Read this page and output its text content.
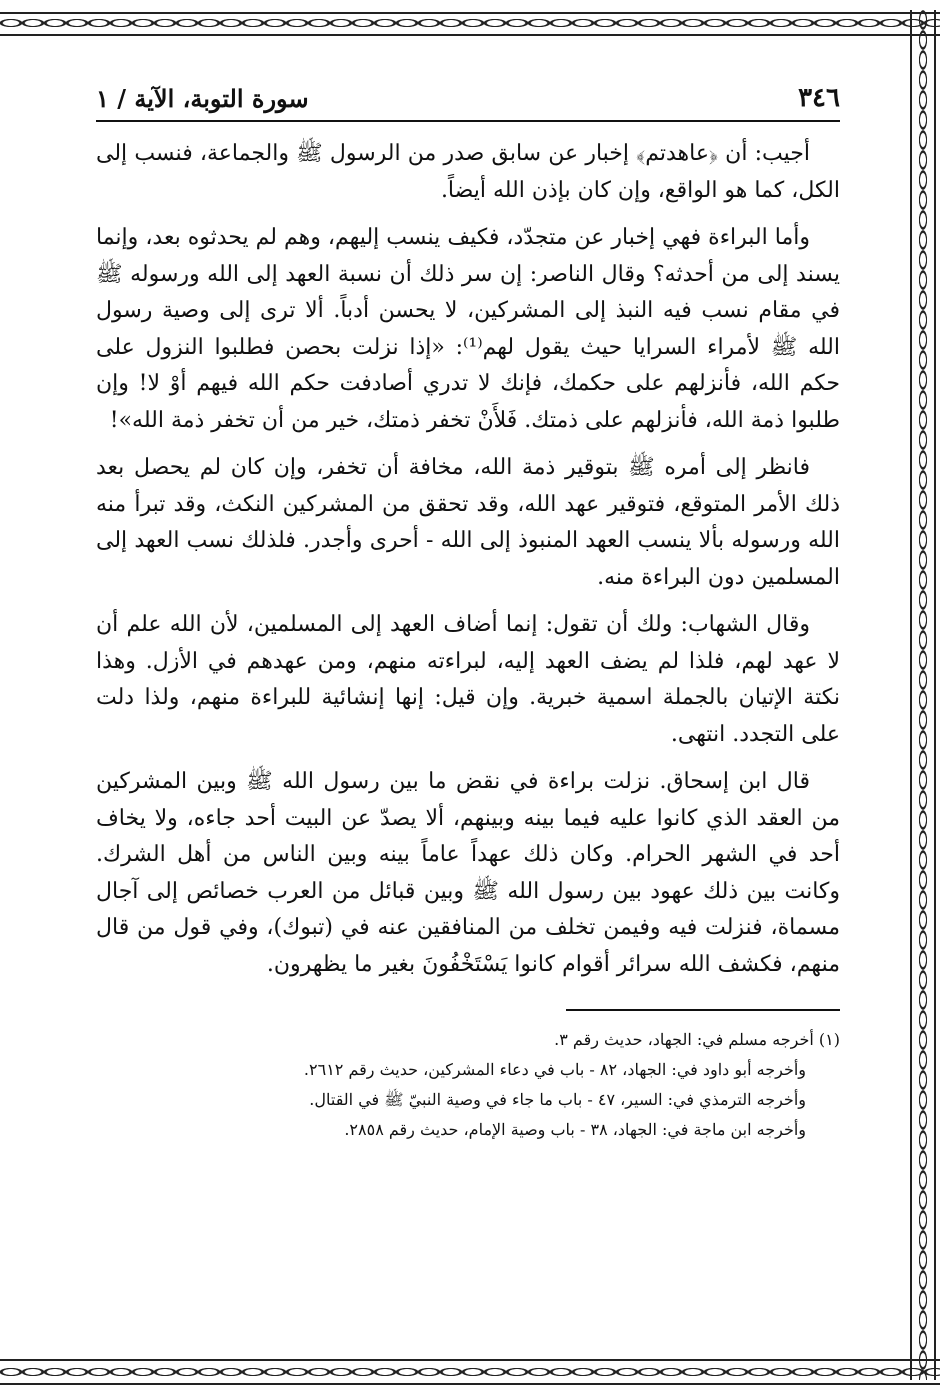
٣٤٦
سورة التوبة، الآية / ١

أجيب: أن ﴿عاهدتم﴾ إخبار عن سابق صدر من الرسول ﷺ والجماعة، فنسب إلى الكل، كما هو الواقع، وإن كان بإذن الله أيضاً.

وأما البراءة فهي إخبار عن متجدّد، فكيف ينسب إليهم، وهم لم يحدثوه بعد، وإنما يسند إلى من أحدثه؟ وقال الناصر: إن سر ذلك أن نسبة العهد إلى الله ورسوله ﷺ في مقام نسب فيه النبذ إلى المشركين، لا يحسن أدباً. ألا ترى إلى وصية رسول الله ﷺ لأمراء السرايا حيث يقول لهم⁽¹⁾: «إذا نزلت بحصن فطلبوا النزول على حكم الله، فأنزلهم على حكمك، فإنك لا تدري أصادفت حكم الله فيهم أوْ لا! وإن طلبوا ذمة الله، فأنزلهم على ذمتك. فَلأَنْ تخفر ذمتك، خير من أن تخفر ذمة الله»!

فانظر إلى أمره ﷺ بتوقير ذمة الله، مخافة أن تخفر، وإن كان لم يحصل بعد ذلك الأمر المتوقع، فتوقير عهد الله، وقد تحقق من المشركين النكث، وقد تبرأ منه الله ورسوله بألا ينسب العهد المنبوذ إلى الله - أحرى وأجدر. فلذلك نسب العهد إلى المسلمين دون البراءة منه.

وقال الشهاب: ولك أن تقول: إنما أضاف العهد إلى المسلمين، لأن الله علم أن لا عهد لهم، فلذا لم يضف العهد إليه، لبراءته منهم، ومن عهدهم في الأزل. وهذا نكتة الإتيان بالجملة اسمية خبرية. وإن قيل: إنها إنشائية للبراءة منهم، ولذا دلت على التجدد. انتهى.

قال ابن إسحاق. نزلت براءة في نقض ما بين رسول الله ﷺ وبين المشركين من العقد الذي كانوا عليه فيما بينه وبينهم، ألا يصدّ عن البيت أحد جاءه، ولا يخاف أحد في الشهر الحرام. وكان ذلك عهداً عاماً بينه وبين الناس من أهل الشرك. وكانت بين ذلك عهود بين رسول الله ﷺ وبين قبائل من العرب خصائص إلى آجال مسماة، فنزلت فيه وفيمن تخلف من المنافقين عنه في (تبوك)، وفي قول من قال منهم، فكشف الله سرائر أقوام كانوا يَسْتَخْفُونَ بغير ما يظهرون.

(١) أخرجه مسلم في: الجهاد، حديث رقم ٣.

وأخرجه أبو داود في: الجهاد، ٨٢ - باب في دعاء المشركين، حديث رقم ٢٦١٢.

وأخرجه الترمذي في: السير، ٤٧ - باب ما جاء في وصية النبيّ ﷺ في القتال.

وأخرجه ابن ماجة في: الجهاد، ٣٨ - باب وصية الإمام، حديث رقم ٢٨٥٨.
